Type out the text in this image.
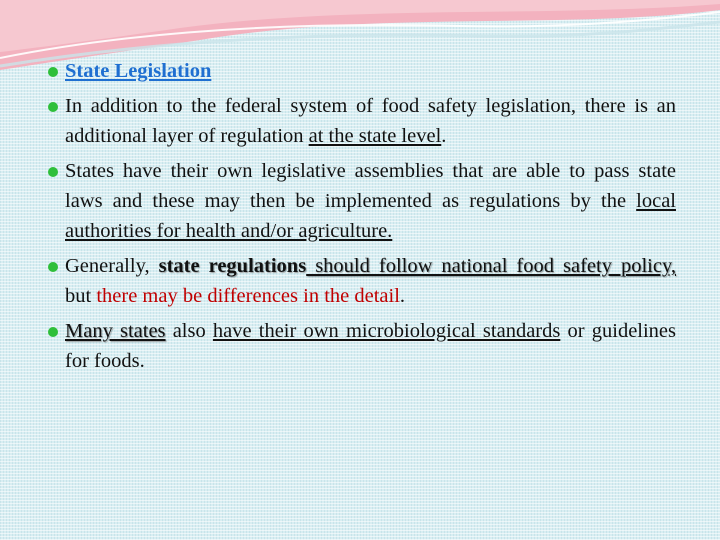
State Legislation
In addition to the federal system of food safety legislation, there is an additional layer of regulation at the state level.
States have their own legislative assemblies that are able to pass state laws and these may then be implemented as regulations by the local authorities for health and/or agriculture.
Generally, state regulations should follow national food safety policy, but there may be differences in the detail.
Many states also have their own microbiological standards or guidelines for foods.
